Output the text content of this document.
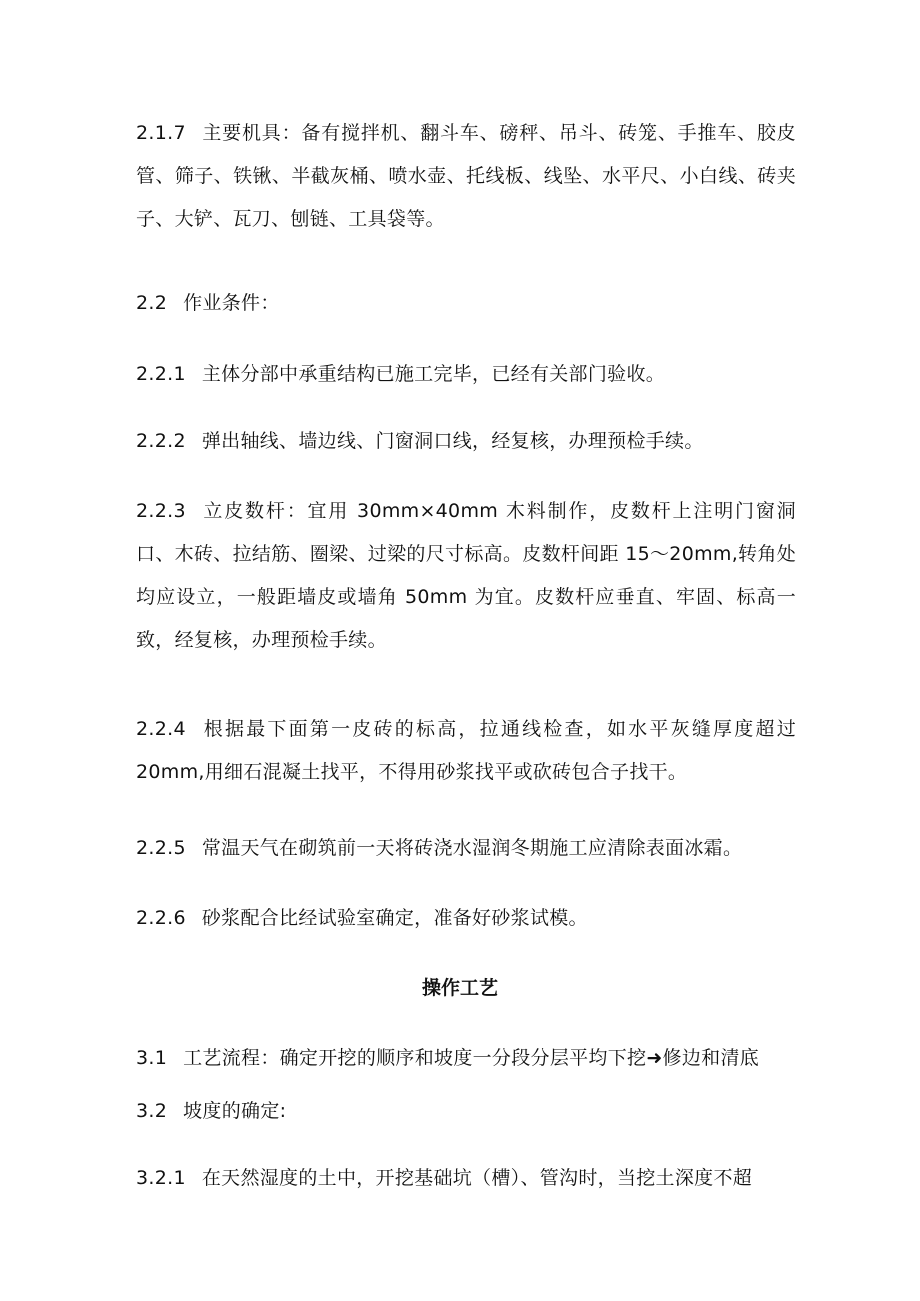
2.1.7 主要机具：备有搅拌机、翻斗车、磅秤、吊斗、砖笼、手推车、胶皮管、筛子、铁锹、半截灰桶、喷水壶、托线板、线坠、水平尺、小白线、砖夹子、大铲、瓦刀、刨链、工具袋等。

2.2 作业条件：

2.2.1 主体分部中承重结构已施工完毕，已经有关部门验收。

2.2.2 弹出轴线、墙边线、门窗洞口线，经复核，办理预检手续。

2.2.3 立皮数杆：宜用 30mm×40mm 木料制作，皮数杆上注明门窗洞口、木砖、拉结筋、圈梁、过梁的尺寸标高。皮数杆间距 15～20mm,转角处均应设立，一般距墙皮或墙角 50mm 为宜。皮数杆应垂直、牢固、标高一致，经复核，办理预检手续。

2.2.4 根据最下面第一皮砖的标高，拉通线检查，如水平灰缝厚度超过20mm,用细石混凝土找平，不得用砂浆找平或砍砖包合子找干。

2.2.5 常温天气在砌筑前一天将砖浇水湿润冬期施工应清除表面冰霜。

2.2.6 砂浆配合比经试验室确定，准备好砂浆试模。

操作工艺

3.1 工艺流程：确定开挖的顺序和坡度一分段分层平均下挖➜修边和清底

3.2 坡度的确定:

3.2.1 在天然湿度的土中，开挖基础坑（槽）、管沟时，当挖土深度不超
